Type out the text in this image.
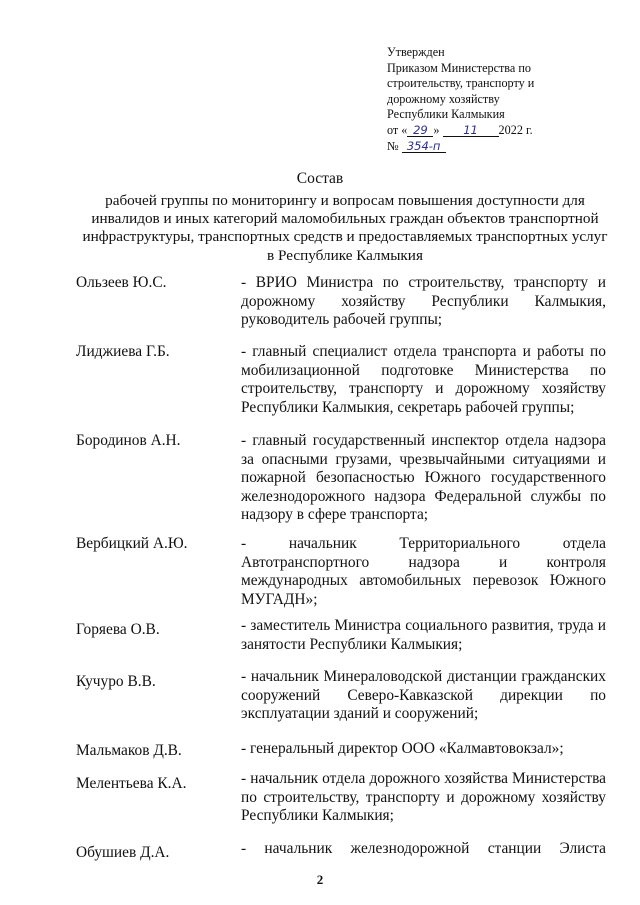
Утвержден
Приказом Министерства по
строительству, транспорту и
дорожному хозяйству
Республики Калмыкия
от « 29 » 11 2022 г.
№ 354-п
Состав
рабочей группы по мониторингу и вопросам повышения доступности для инвалидов и иных категорий маломобильных граждан объектов транспортной инфраструктуры, транспортных средств и предоставляемых транспортных услуг в Республике Калмыкия
Ользеев Ю.С.	- ВРИО Министра по строительству, транспорту и дорожному хозяйству Республики Калмыкия, руководитель рабочей группы;
Лиджиева Г.Б.	- главный специалист отдела транспорта и работы по мобилизационной подготовке Министерства по строительству, транспорту и дорожному хозяйству Республики Калмыкия, секретарь рабочей группы;
Бородинов А.Н.	- главный государственный инспектор отдела надзора за опасными грузами, чрезвычайными ситуациями и пожарной безопасностью Южного государственного железнодорожного надзора Федеральной службы по надзору в сфере транспорта;
Вербицкий А.Ю.	- начальник Территориального отдела Автотранспортного надзора и контроля международных автомобильных перевозок Южного МУГАДН»;
Горяева О.В.	- заместитель Министра социального развития, труда и занятости Республики Калмыкия;
Кучуро В.В.	- начальник Минераловодской дистанции гражданских сооружений Северо-Кавказской дирекции по эксплуатации зданий и сооружений;
Мальмаков Д.В.	- генеральный директор ООО «Калмавтовокзал»;
Мелентьева К.А.	- начальник отдела дорожного хозяйства Министерства по строительству, транспорту и дорожному хозяйству Республики Калмыкия;
Обушиев Д.А.	- начальник железнодорожной станции Элиста
2
